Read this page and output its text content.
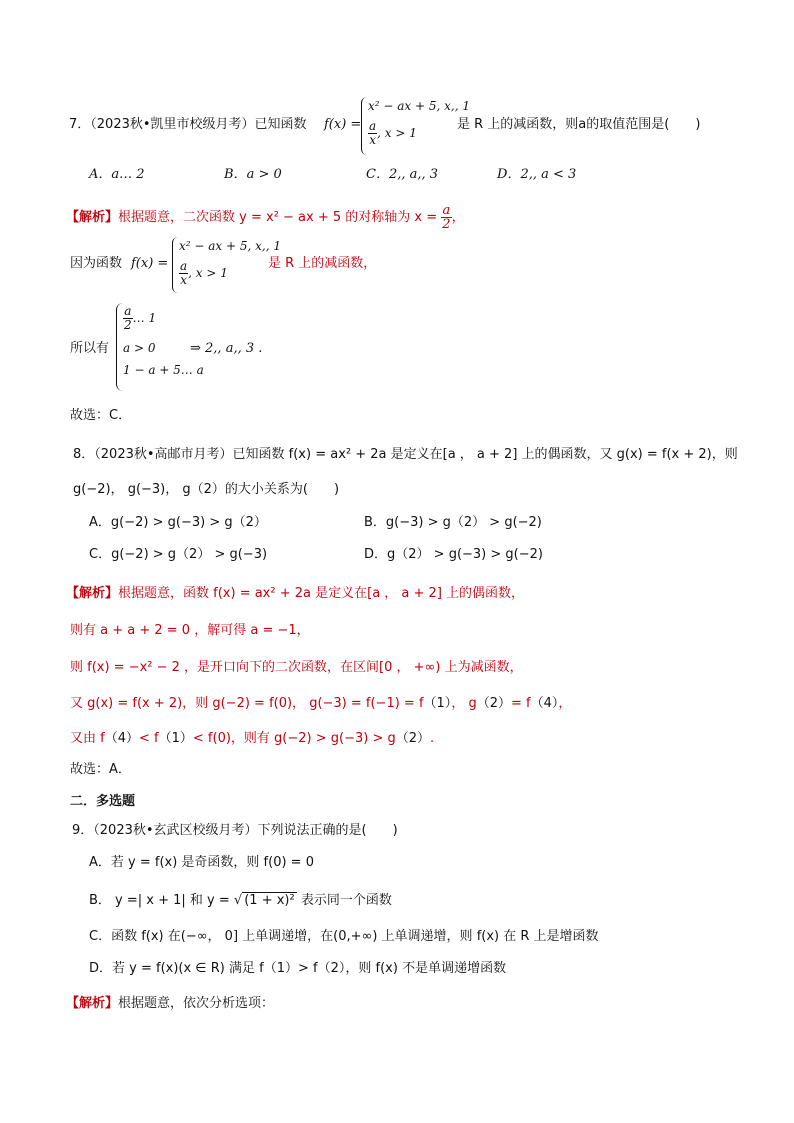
7．（2023秋•凯里市校级月考）已知函数 f(x) =
x² − ax + 5, x,, 1
$\frac{a}{x}$ , x > 1
是 R 上的减函数，则a的取值范围是(　　)
A．a… 2	B．a > 0	C．2,, a,, 3	D．2,, a < 3
【解析】根据题意，二次函数 y = x² − ax + 5 的对称轴为 $x = \frac{a}{2}$ ，
因为函数 f(x) =
x² − ax + 5, x,, 1
$\frac{a}{x}$ , x > 1
是 R 上的减函数，
所以有
$\frac{a}{2}$ … 1
a > 0
1 − a + 5… a
⇒ 2,, a,, 3 .
故选：C．
8．（2023秋•高邮市月考）已知函数 f(x) = ax² + 2a 是定义在[a ， a + 2] 上的偶函数，又 g(x) = f(x + 2)，则
g(−2)， g(−3)， g（2）的大小关系为(　　)
A．g(−2) > g(−3) > g（2）	B．g(−3) > g（2） > g(−2)
C．g(−2) > g（2） > g(−3)	D．g（2） > g(−3) > g(−2)
【解析】根据题意，函数 f(x) = ax² + 2a 是定义在[a ， a + 2] 上的偶函数，
则有 a + a + 2 = 0 ，解可得 a = −1，
则 f(x) = −x² − 2 ，是开口向下的二次函数，在区间[0 ， +∞) 上为减函数，
又 g(x) = f(x + 2)，则 g(−2) = f(0)， g(−3) = f(−1) = f（1）， g（2）= f（4），
又由 f（4）< f（1）< f(0)，则有 g(−2) > g(−3) > g（2）.
故选：A．
二．多选题
9．（2023秋•玄武区校级月考）下列说法正确的是(　　)
A．若 y = f(x) 是奇函数，则 f(0) = 0
B． y =| x + 1| 和 y = √ (1 + x)² 表示同一个函数
C．函数 f(x) 在(−∞， 0] 上单调递增，在(0,+∞) 上单调递增，则 f(x) 在 R 上是增函数
D．若 y = f(x)(x ∈ R) 满足 f（1）> f（2），则 f(x) 不是单调递增函数
【解析】根据题意，依次分析选项：
